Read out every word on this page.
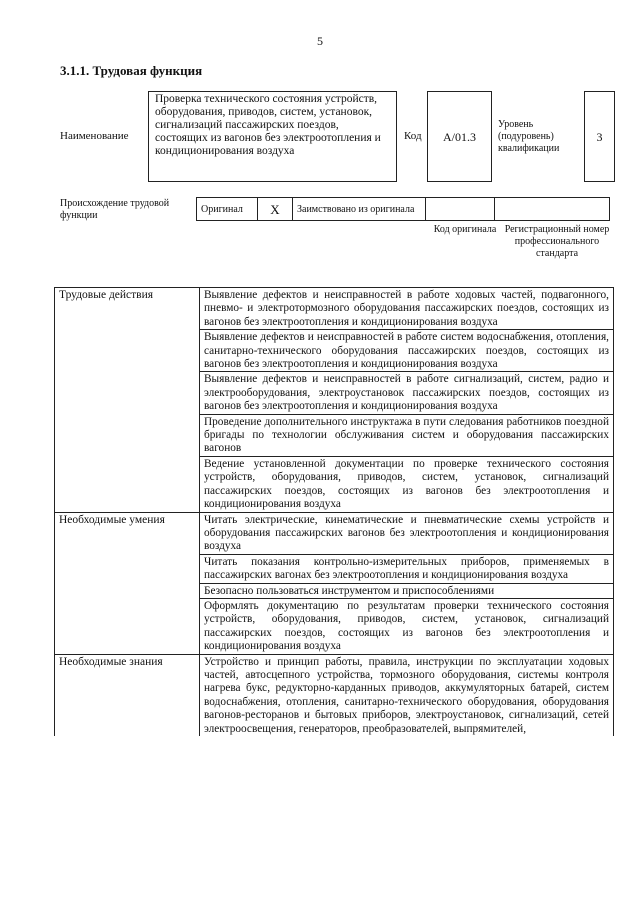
5
3.1.1. Трудовая функция
Наименование
Проверка технического состояния устройств, оборудования, приводов, систем, установок, сигнализаций пассажирских поездов, состоящих из вагонов без электроотопления и кондиционирования воздуха
Код	А/01.3
Уровень (подуровень) квалификации
3
Происхождение трудовой функции
Оригинал	X	Заимствовано из оригинала		
Код оригинала Регистрационный номер профессионального стандарта
Трудовые действия	Выявление дефектов и неисправностей в работе ходовых частей, подвагонного, пневмо- и электротормозного оборудования пассажирских поездов, состоящих из вагонов без электроотопления и кондиционирования воздуха
	Выявление дефектов и неисправностей в работе систем водоснабжения, отопления, санитарно-технического оборудования пассажирских поездов, состоящих из вагонов без электроотопления и кондиционирования воздуха
	Выявление дефектов и неисправностей в работе сигнализаций, систем, радио и электрооборудования, электроустановок пассажирских поездов, состоящих из вагонов без электроотопления и кондиционирования воздуха
	Проведение дополнительного инструктажа в пути следования работников поездной бригады по технологии обслуживания систем и оборудования пассажирских вагонов
	Ведение установленной документации по проверке технического состояния устройств, оборудования, приводов, систем, установок, сигнализаций пассажирских поездов, состоящих из вагонов без электроотопления и кондиционирования воздуха
Необходимые умения	Читать электрические, кинематические и пневматические схемы устройств и оборудования пассажирских вагонов без электроотопления и кондиционирования воздуха
	Читать показания контрольно-измерительных приборов, применяемых в пассажирских вагонах без электроотопления и кондиционирования воздуха
	Безопасно пользоваться инструментом и приспособлениями
	Оформлять документацию по результатам проверки технического состояния устройств, оборудования, приводов, систем, установок, сигнализаций пассажирских поездов, состоящих из вагонов без электроотопления и кондиционирования воздуха
Необходимые знания	Устройство и принцип работы, правила, инструкции по эксплуатации ходовых частей, автосцепного устройства, тормозного оборудования, системы контроля нагрева букс, редукторно-карданных приводов, аккумуляторных батарей, систем водоснабжения, отопления, санитарно-технического оборудования, оборудования вагонов-ресторанов и бытовых приборов, электроустановок, сигнализаций, сетей электроосвещения, генераторов, преобразователей, выпрямителей,
